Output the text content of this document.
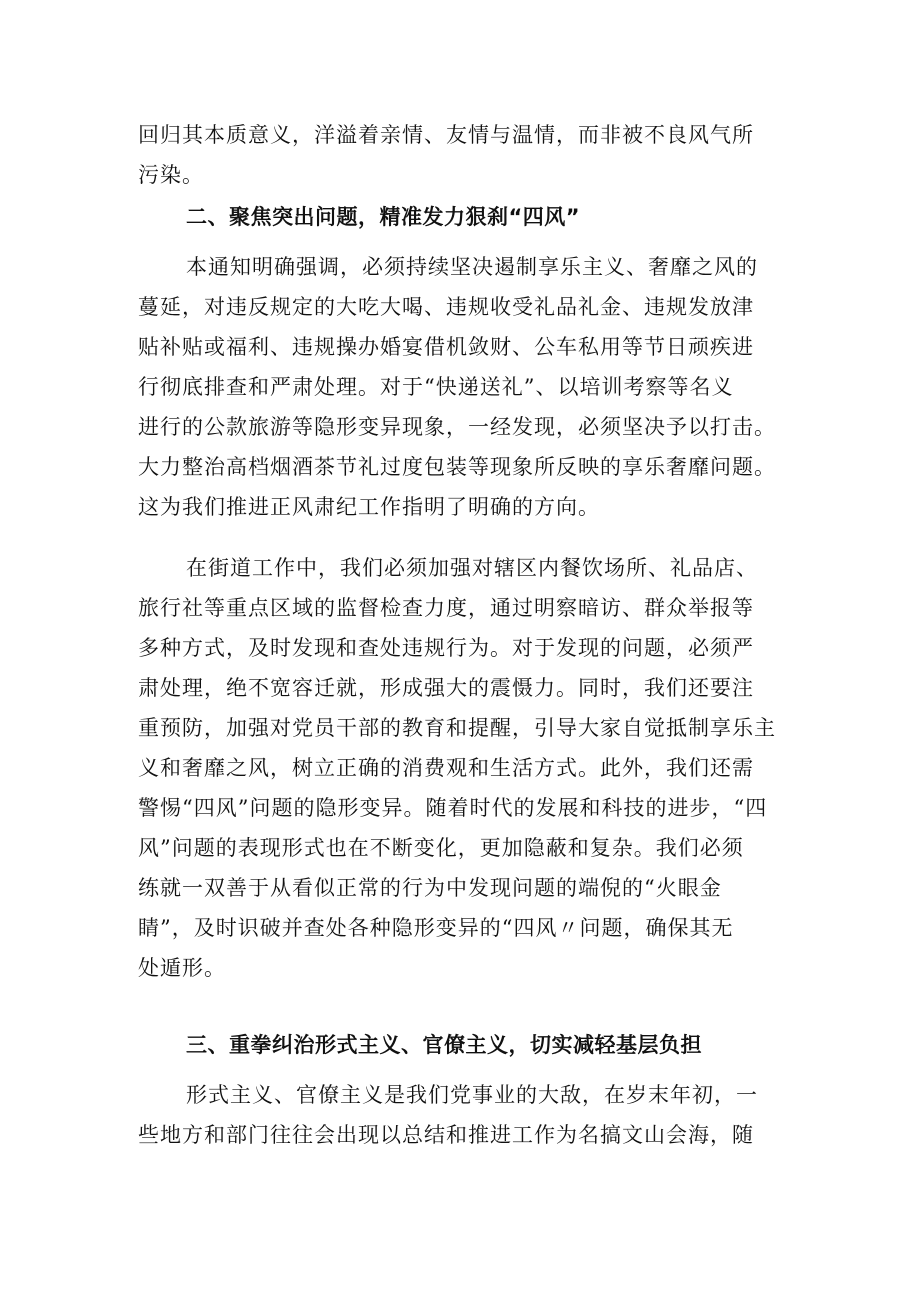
回归其本质意义，洋溢着亲情、友情与温情，而非被不良风气所

污染。

二、聚焦突出问题，精准发力狠刹“四风”

本通知明确强调，必须持续坚决遏制享乐主义、奢靡之风的

蔓延，对违反规定的大吃大喝、违规收受礼品礼金、违规发放津

贴补贴或福利、违规操办婚宴借机敛财、公车私用等节日顽疾进

行彻底排查和严肃处理。对于“快递送礼”、以培训考察等名义

进行的公款旅游等隐形变异现象，一经发现，必须坚决予以打击。

大力整治高档烟酒茶节礼过度包装等现象所反映的享乐奢靡问题。

这为我们推进正风肃纪工作指明了明确的方向。

在街道工作中，我们必须加强对辖区内餐饮场所、礼品店、

旅行社等重点区域的监督检查力度，通过明察暗访、群众举报等

多种方式，及时发现和查处违规行为。对于发现的问题，必须严

肃处理，绝不宽容迁就，形成强大的震慑力。同时，我们还要注

重预防，加强对党员干部的教育和提醒，引导大家自觉抵制享乐主

义和奢靡之风，树立正确的消费观和生活方式。此外，我们还需

警惕“四风”问题的隐形变异。随着时代的发展和科技的进步，“四

风”问题的表现形式也在不断变化，更加隐蔽和复杂。我们必须

练就一双善于从看似正常的行为中发现问题的端倪的“火眼金

睛”，及时识破并查处各种隐形变异的“四风〃问题，确保其无

处遁形。

三、重拳纠治形式主义、官僚主义，切实减轻基层负担

形式主义、官僚主义是我们党事业的大敌，在岁末年初，一

些地方和部门往往会出现以总结和推进工作为名搞文山会海，随
